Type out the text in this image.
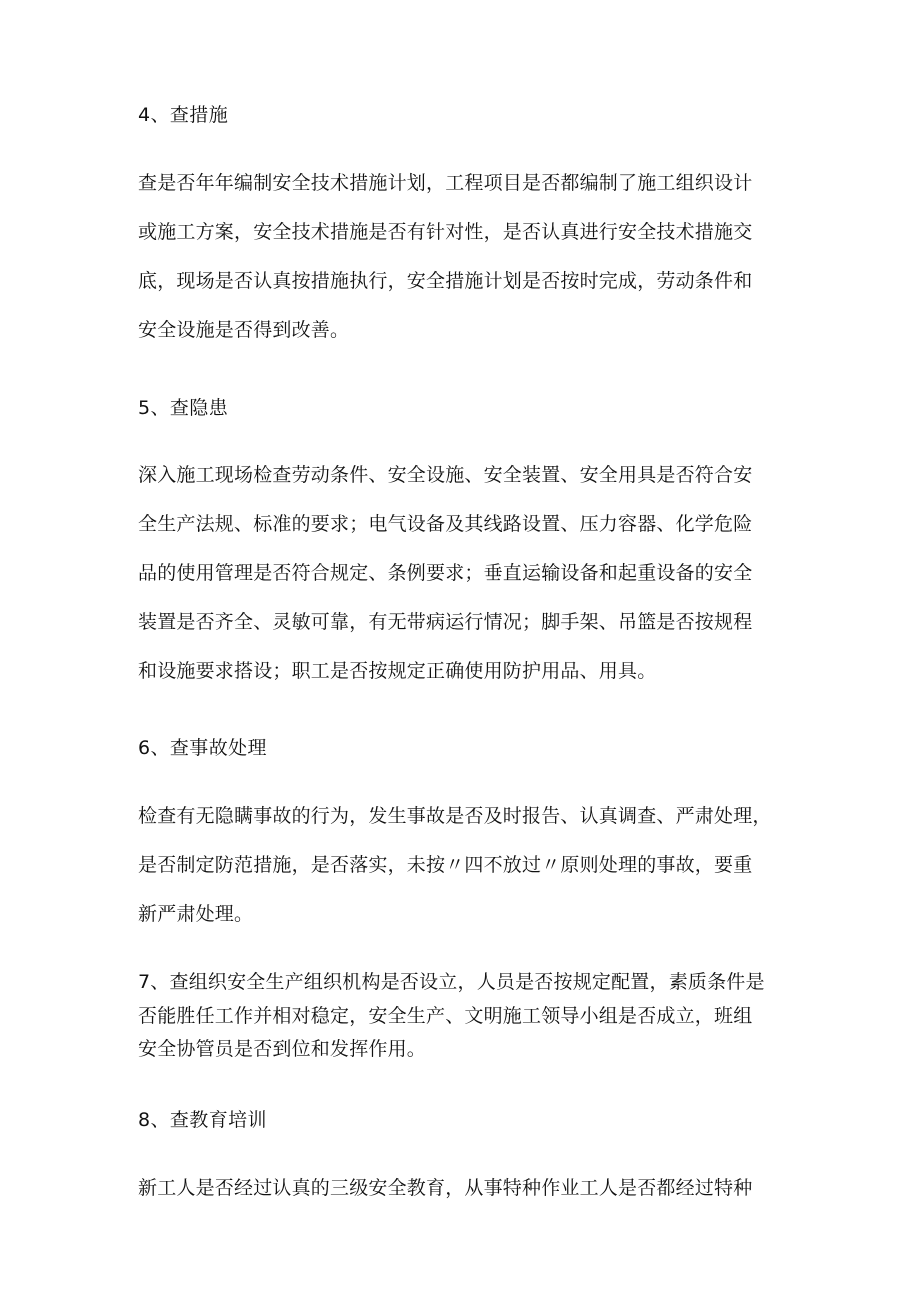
4、查措施
查是否年年编制安全技术措施计划，工程项目是否都编制了施工组织设计
或施工方案，安全技术措施是否有针对性，是否认真进行安全技术措施交
底，现场是否认真按措施执行，安全措施计划是否按时完成，劳动条件和
安全设施是否得到改善。
5、查隐患
深入施工现场检查劳动条件、安全设施、安全装置、安全用具是否符合安
全生产法规、标准的要求；电气设备及其线路设置、压力容器、化学危险
品的使用管理是否符合规定、条例要求；垂直运输设备和起重设备的安全
装置是否齐全、灵敏可靠，有无带病运行情况；脚手架、吊篮是否按规程
和设施要求搭设；职工是否按规定正确使用防护用品、用具。
6、查事故处理
检查有无隐瞒事故的行为，发生事故是否及时报告、认真调查、严肃处理，
是否制定防范措施，是否落实，未按〃四不放过〃原则处理的事故，要重
新严肃处理。
7、查组织安全生产组织机构是否设立，人员是否按规定配置，素质条件是
否能胜任工作并相对稳定，安全生产、文明施工领导小组是否成立，班组
安全协管员是否到位和发挥作用。
8、查教育培训
新工人是否经过认真的三级安全教育，从事特种作业工人是否都经过特种
